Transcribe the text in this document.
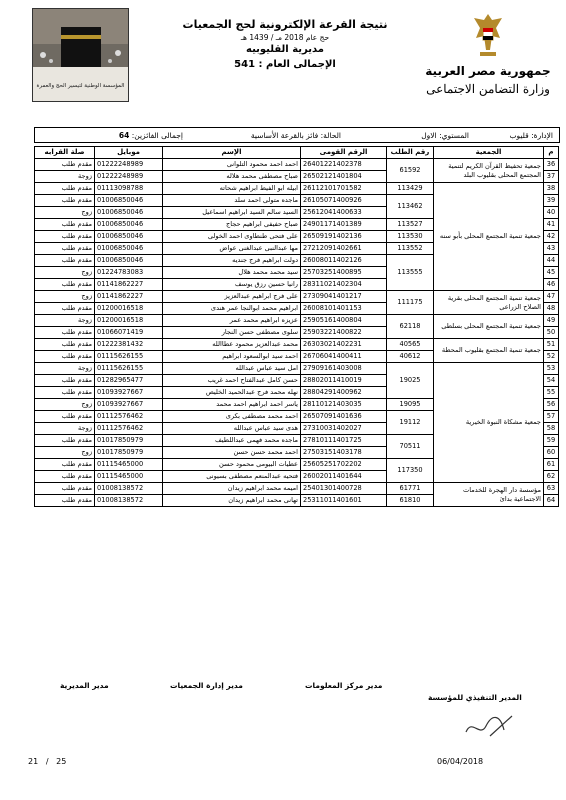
المؤسسة الوطنية لتيسير الحج والعمرة
نتيجة القرعة الإلكترونية لحج الجمعيات
حج عام 2018 مـ / 1439 هـ
مديرية القليوبيه
الإجمالى العام : 541	جمهورية مصر العربية
وزارة التضامن الاجتماعى
الإدارة: قليوب
المستوي: الاول
الحالة: فائز بالقرعة الأساسية
إجمالى الفائزين: 64
م	الجمعية	رقم الطلب	الرقم القومى	الإسم	موبايل	صلة القرابه
36	جمعية تحفيظ القرآن الكريم لتنمية المجتمع المحلى بقليوب البلد	61592	26401221402378	احمد احمد محمود التلوانى	01222248989	مقدم طلب
37			26502121401804	صباح مصطفى محمد هلاله	01222248989	زوجة
38	جمعية تنمية المجتمع المحلى بأبو سنه	113429	26112101701582	ابيله ابو الفيط ابراهيم شحاته	01113098788	مقدم طلب
39		113462	26105071400926	ماجده متولى احمد سلد	01006850046	مقدم طلب
40			25612041400633	السيد سالم السيد ابراهيم اسماعيل	01006850046	زوج
41		113527	24901171401389	صباح حفيفى ابراهيم حجاج	01006850046	مقدم طلب
42		113530	26509191402136	على فتحى طنطاوى احمد الخولى	01006850046	مقدم طلب
43		113552	27212091402661	مها عبدالنبى عبدالغنى عواض	01006850046	مقدم طلب
44		113555	26008011402126	دولت ابراهيم فرج جنديه	01006850046	مقدم طلب
45			25703251400895	سيد محمد محمد هلال	01224783083	زوج
46			28311021402304	رانيا حسين رزق يوسف	01141862227	مقدم طلب
47	جمعية تنمية المجتمع المحلى بقرية الصلاح الزراعى	111175	27309041401217	على فرج ابراهيم عبدالعزيز	01141862227	زوج
48			26008101401153	ابراهيم محمد ابوالنجا عمر هندى	01200016518	مقدم طلب
49	جمعية تنمية المجتمع المحلى بسلطى	62118	25905161400804	عزيزه ابراهيم محمد عمر	01200016518	زوجة
50			25903221400822	سلوى مصطفى حسن النجار	01066071419	مقدم طلب
51	جمعية تنمية المجتمع بقليوب المحطة	40565	26303021402231	محمد عبدالعزيز محمود عطاالله	01222381432	مقدم طلب
52		40612	26706041400411	احمد سيد ابوالسعود ابراهيم	01115626155	مقدم طلب
53	جمعية مشكاة النبوة الخيرية	19025	27909161403008	امل سيد عباس عبدالله	01115626155	زوجة
54			28802011410019	حسن كامل عبدالفتاح احمد غريب	01282965477	مقدم طلب
55			28804291400962	نهله محمد فرج عبدالحميد الخليص	01093927667	مقدم طلب
56		19095	28110121403035	ياسر احمد ابراهيم احمد محمد	01093927667	زوج
57		19112	26507091401636	احمد محمد مصطفى بكرى	01112576462	مقدم طلب
58			27310031402027	هدى سيد عباس عبدالله	01112576462	زوجة
59		70511	27810111401725	ماجده محمد فهمى عبداللطيف	01017850979	مقدم طلب
60			27503151403178	احمد محمد حسن حسن	01017850979	زوج
61		117350	25605251702202	عطيات البيومى محمود حسن	01115465000	مقدم طلب
62			26002011401644	فتحيه عبدالمنعم مصطفى بسيونى	01115465000	مقدم طلب
63	مؤسسة دار الهجرة للخدمات الاجتماعية بدائ	61771	25401301400728	اميمه محمد ابراهيم زيدان	01008138572	مقدم طلب
64		61810	25311011401601	تهانى محمد ابراهيم زيدان	01008138572	مقدم طلب
مدير المديرية	مدير إدارة الجمعيات	مدير مركز المعلومات
المدير التنفيذي للمؤسسة
21 / 25	06/04/2018
